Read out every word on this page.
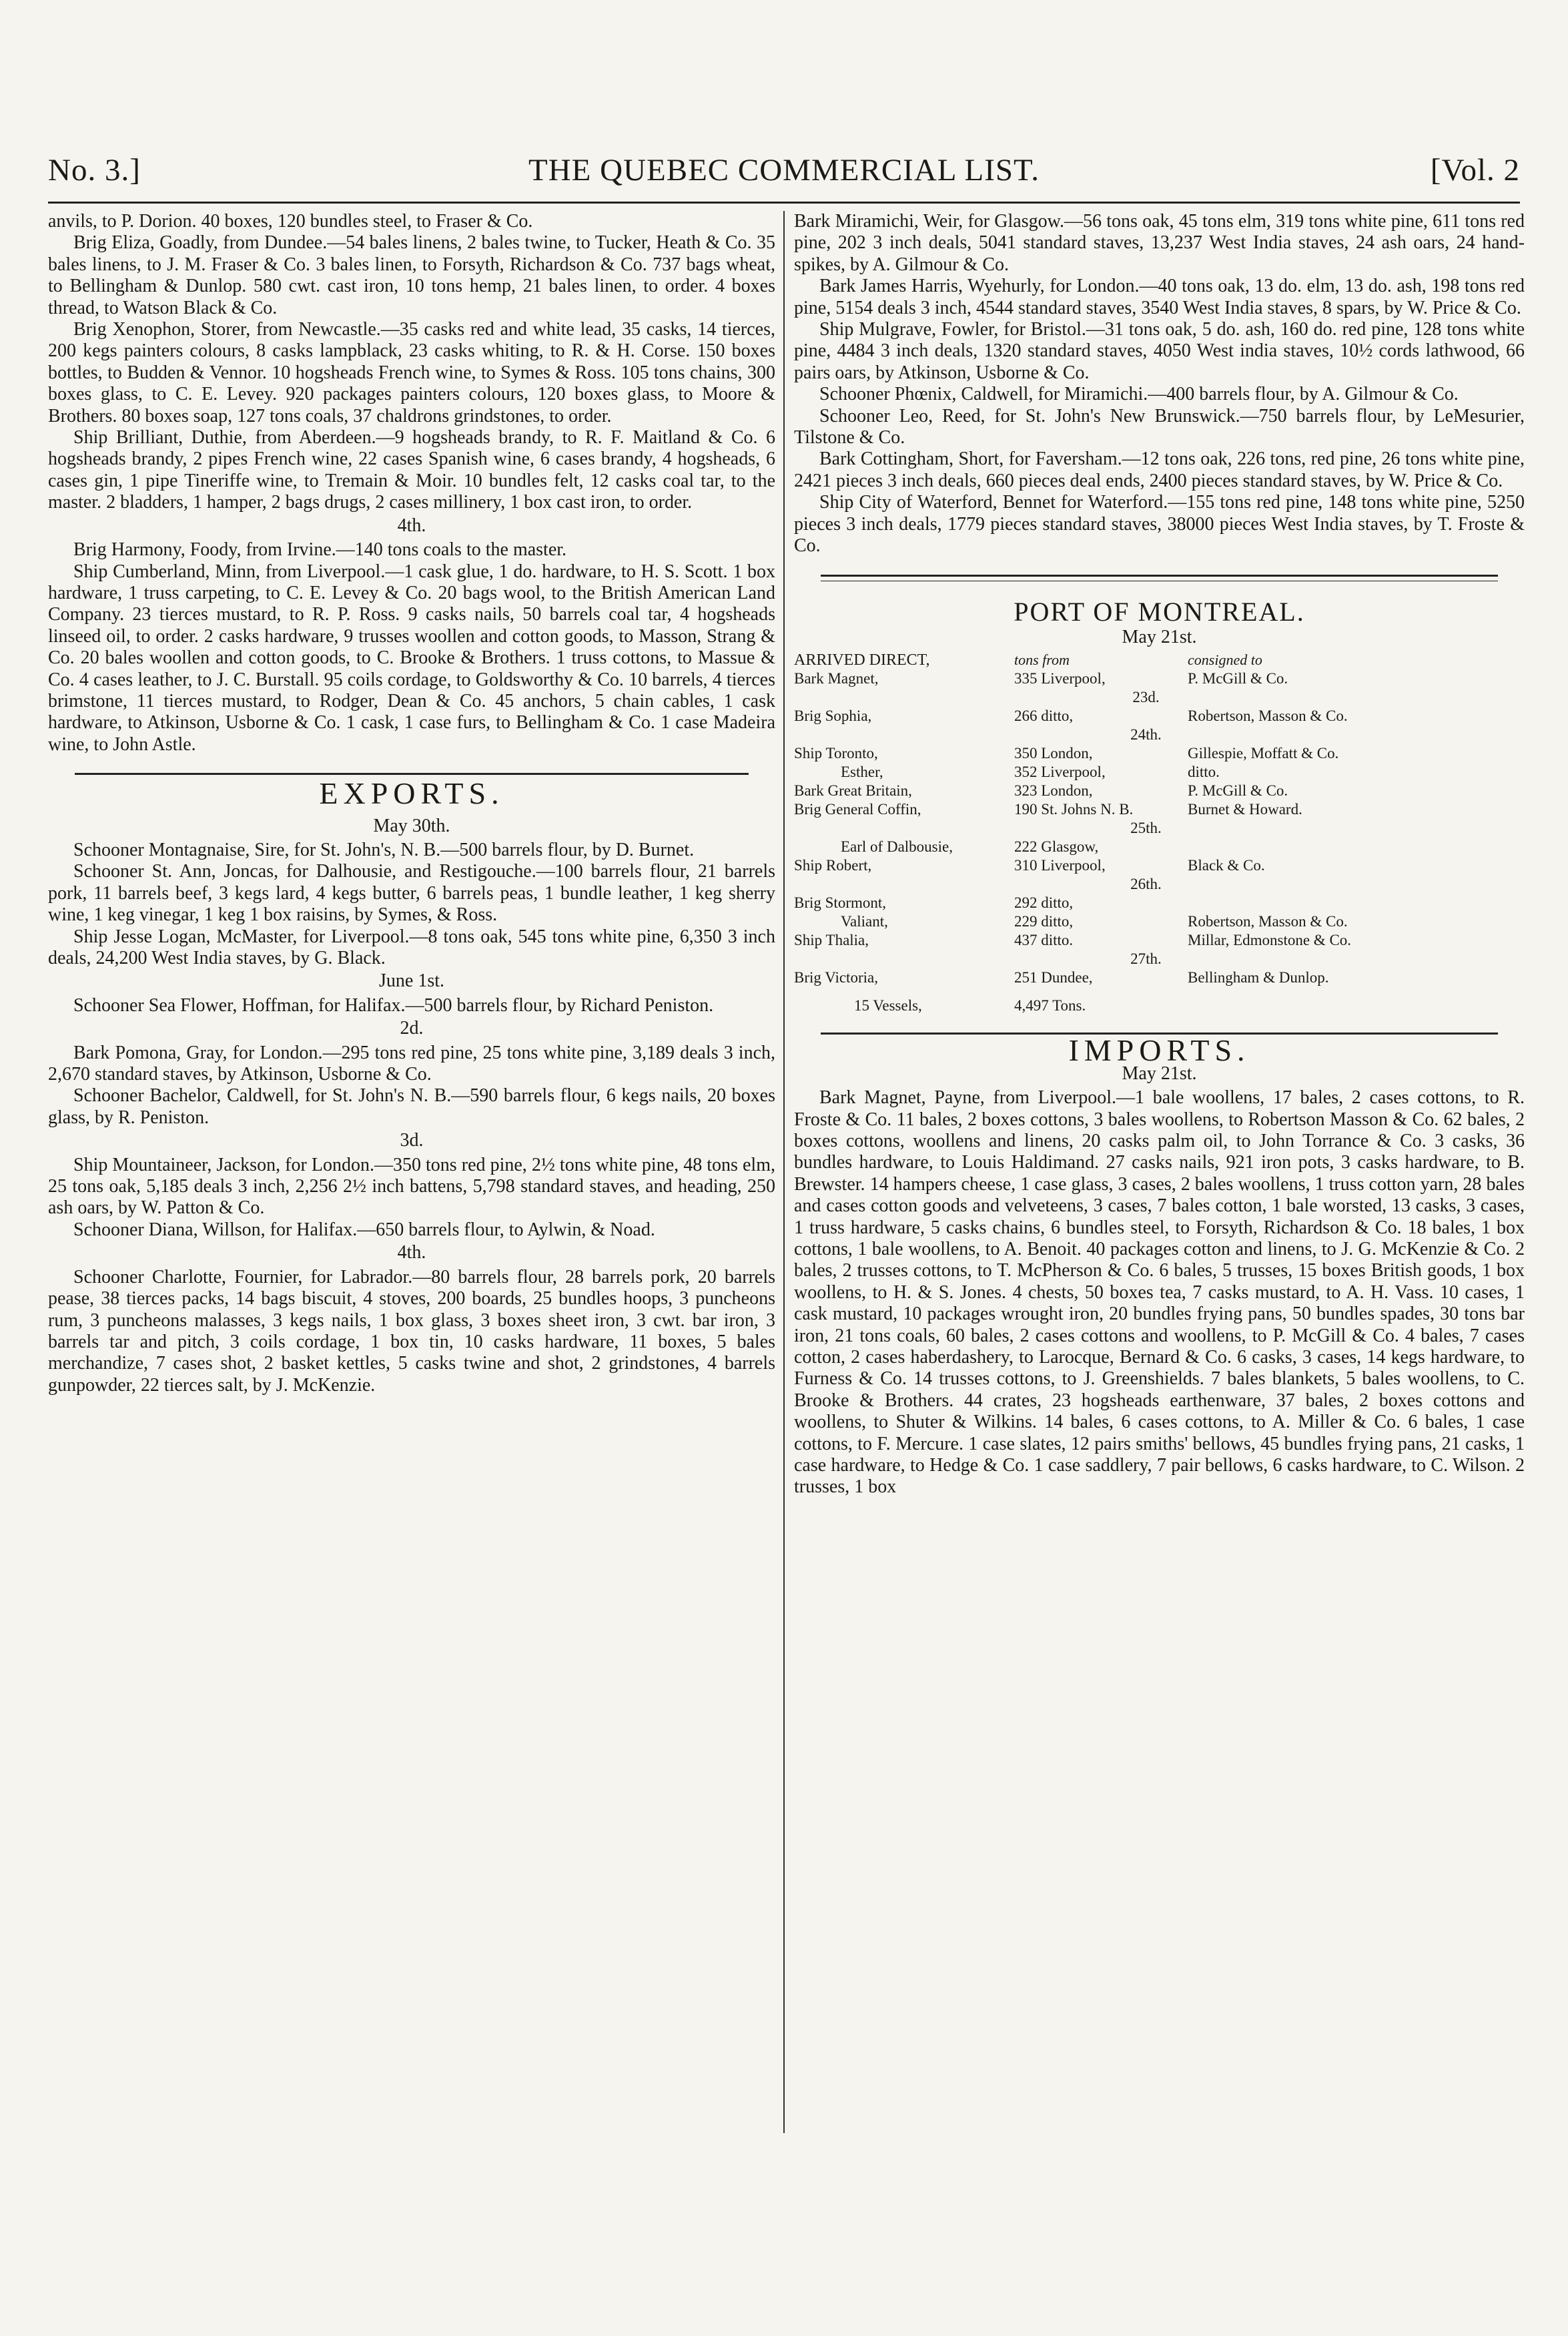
No. 3.]	THE QUEBEC COMMERCIAL LIST.	[Vol. 2

anvils, to P. Dorion. 40 boxes, 120 bundles steel, to Fraser & Co.

Brig Eliza, Goadly, from Dundee.—54 bales linens, 2 bales twine, to Tucker, Heath & Co. 35 bales linens, to J. M. Fraser & Co. 3 bales linen, to Forsyth, Richardson & Co. 737 bags wheat, to Bellingham & Dunlop. 580 cwt. cast iron, 10 tons hemp, 21 bales linen, to order. 4 boxes thread, to Watson Black & Co.

Brig Xenophon, Storer, from Newcastle.—35 casks red and white lead, 35 casks, 14 tierces, 200 kegs painters colours, 8 casks lampblack, 23 casks whiting, to R. & H. Corse. 150 boxes bottles, to Budden & Vennor. 10 hogsheads French wine, to Symes & Ross. 105 tons chains, 300 boxes glass, to C. E. Levey. 920 packages painters colours, 120 boxes glass, to Moore & Brothers. 80 boxes soap, 127 tons coals, 37 chaldrons grindstones, to order.

Ship Brilliant, Duthie, from Aberdeen.—9 hogsheads brandy, to R. F. Maitland & Co. 6 hogsheads brandy, 2 pipes French wine, 22 cases Spanish wine, 6 cases brandy, 4 hogsheads, 6 cases gin, 1 pipe Tineriffe wine, to Tremain & Moir. 10 bundles felt, 12 casks coal tar, to the master. 2 bladders, 1 hamper, 2 bags drugs, 2 cases millinery, 1 box cast iron, to order.

4th.

Brig Harmony, Foody, from Irvine.—140 tons coals to the master.

Ship Cumberland, Minn, from Liverpool.—1 cask glue, 1 do. hardware, to H. S. Scott. 1 box hardware, 1 truss carpeting, to C. E. Levey & Co. 20 bags wool, to the British American Land Company. 23 tierces mustard, to R. P. Ross. 9 casks nails, 50 barrels coal tar, 4 hogsheads linseed oil, to order. 2 casks hardware, 9 trusses woollen and cotton goods, to Masson, Strang & Co. 20 bales woollen and cotton goods, to C. Brooke & Brothers. 1 truss cottons, to Massue & Co. 4 cases leather, to J. C. Burstall. 95 coils cordage, to Goldsworthy & Co. 10 barrels, 4 tierces brimstone, 11 tierces mustard, to Rodger, Dean & Co. 45 anchors, 5 chain cables, 1 cask hardware, to Atkinson, Usborne & Co. 1 cask, 1 case furs, to Bellingham & Co. 1 case Madeira wine, to John Astle.

EXPORTS.
May 30th.

Schooner Montagnaise, Sire, for St. John's, N. B.—500 barrels flour, by D. Burnet.

Schooner St. Ann, Joncas, for Dalhousie, and Restigouche.—100 barrels flour, 21 barrels pork, 11 barrels beef, 3 kegs lard, 4 kegs butter, 6 barrels peas, 1 bundle leather, 1 keg sherry wine, 1 keg vinegar, 1 keg 1 box raisins, by Symes, & Ross.

Ship Jesse Logan, McMaster, for Liverpool.—8 tons oak, 545 tons white pine, 6,350 3 inch deals, 24,200 West India staves, by G. Black.

June 1st.

Schooner Sea Flower, Hoffman, for Halifax.—500 barrels flour, by Richard Peniston.

2d.

Bark Pomona, Gray, for London.—295 tons red pine, 25 tons white pine, 3,189 deals 3 inch, 2,670 standard staves, by Atkinson, Usborne & Co.

Schooner Bachelor, Caldwell, for St. John's N. B.—590 barrels flour, 6 kegs nails, 20 boxes glass, by R. Peniston.

3d.

Ship Mountaineer, Jackson, for London.—350 tons red pine, 2½ tons white pine, 48 tons elm, 25 tons oak, 5,185 deals 3 inch, 2,256 2½ inch battens, 5,798 standard staves, and heading, 250 ash oars, by W. Patton & Co.

Schooner Diana, Willson, for Halifax.—650 barrels flour, to Aylwin, & Noad.

4th.

Schooner Charlotte, Fournier, for Labrador.—80 barrels flour, 28 barrels pork, 20 barrels pease, 38 tierces packs, 14 bags biscuit, 4 stoves, 200 boards, 25 bundles hoops, 3 puncheons rum, 3 puncheons malasses, 3 kegs nails, 1 box glass, 3 boxes sheet iron, 3 cwt. bar iron, 3 barrels tar and pitch, 3 coils cordage, 1 box tin, 10 casks hardware, 11 boxes, 5 bales merchandize, 7 cases shot, 2 basket kettles, 5 casks twine and shot, 2 grindstones, 4 barrels gunpowder, 22 tierces salt, by J. McKenzie.

Bark Miramichi, Weir, for Glasgow.—56 tons oak, 45 tons elm, 319 tons white pine, 611 tons red pine, 202 3 inch deals, 5041 standard staves, 13,237 West India staves, 24 ash oars, 24 hand-spikes, by A. Gilmour & Co.

Bark James Harris, Wyehurly, for London.—40 tons oak, 13 do. elm, 13 do. ash, 198 tons red pine, 5154 deals 3 inch, 4544 standard staves, 3540 West India staves, 8 spars, by W. Price & Co.

Ship Mulgrave, Fowler, for Bristol.—31 tons oak, 5 do. ash, 160 do. red pine, 128 tons white pine, 4484 3 inch deals, 1320 standard staves, 4050 West india staves, 10½ cords lathwood, 66 pairs oars, by Atkinson, Usborne & Co.

Schooner Phœnix, Caldwell, for Miramichi.—400 barrels flour, by A. Gilmour & Co.

Schooner Leo, Reed, for St. John's New Brunswick.—750 barrels flour, by LeMesurier, Tilstone & Co.

Bark Cottingham, Short, for Faversham.—12 tons oak, 226 tons, red pine, 26 tons white pine, 2421 pieces 3 inch deals, 660 pieces deal ends, 2400 pieces standard staves, by W. Price & Co.

Ship City of Waterford, Bennet for Waterford.—155 tons red pine, 148 tons white pine, 5250 pieces 3 inch deals, 1779 pieces standard staves, 38000 pieces West India staves, by T. Froste & Co.

PORT OF MONTREAL.
May 21st.
ARRIVED DIRECT,	tons from	consigned to
Bark Magnet,	335 Liverpool,	P. McGill & Co.
23d.
Brig Sophia,	266 ditto,	Robertson, Masson & Co.
24th.
Ship Toronto,	350 London,	Gillespie, Moffatt & Co.
Esther,	352 Liverpool,	ditto.
Bark Great Britain,	323 London,	P. McGill & Co.
Brig General Coffin,	190 St. Johns N. B.	Burnet & Howard.
25th.
Earl of Dalbousie,	222 Glasgow,
Ship Robert,	310 Liverpool,	Black & Co.
26th.
Brig Stormont,	292 ditto,
Valiant,	229 ditto,	Robertson, Masson & Co.
Ship Thalia,	437 ditto.	Millar, Edmonstone & Co.
27th.
Brig Victoria,	251 Dundee,	Bellingham & Dunlop.
15 Vessels,	4,497 Tons.
IMPORTS.
May 21st.

Bark Magnet, Payne, from Liverpool.—1 bale woollens, 17 bales, 2 cases cottons, to R. Froste & Co. 11 bales, 2 boxes cottons, 3 bales woollens, to Robertson Masson & Co. 62 bales, 2 boxes cottons, woollens and linens, 20 casks palm oil, to John Torrance & Co. 3 casks, 36 bundles hardware, to Louis Haldimand. 27 casks nails, 921 iron pots, 3 casks hardware, to B. Brewster. 14 hampers cheese, 1 case glass, 3 cases, 2 bales woollens, 1 truss cotton yarn, 28 bales and cases cotton goods and velveteens, 3 cases, 7 bales cotton, 1 bale worsted, 13 casks, 3 cases, 1 truss hardware, 5 casks chains, 6 bundles steel, to Forsyth, Richardson & Co. 18 bales, 1 box cottons, 1 bale woollens, to A. Benoit. 40 packages cotton and linens, to J. G. McKenzie & Co. 2 bales, 2 trusses cottons, to T. McPherson & Co. 6 bales, 5 trusses, 15 boxes British goods, 1 box woollens, to H. & S. Jones. 4 chests, 50 boxes tea, 7 casks mustard, to A. H. Vass. 10 cases, 1 cask mustard, 10 packages wrought iron, 20 bundles frying pans, 50 bundles spades, 30 tons bar iron, 21 tons coals, 60 bales, 2 cases cottons and woollens, to P. McGill & Co. 4 bales, 7 cases cotton, 2 cases haberdashery, to Larocque, Bernard & Co. 6 casks, 3 cases, 14 kegs hardware, to Furness & Co. 14 trusses cottons, to J. Greenshields. 7 bales blankets, 5 bales woollens, to C. Brooke & Brothers. 44 crates, 23 hogsheads earthenware, 37 bales, 2 boxes cottons and woollens, to Shuter & Wilkins. 14 bales, 6 cases cottons, to A. Miller & Co. 6 bales, 1 case cottons, to F. Mercure. 1 case slates, 12 pairs smiths' bellows, 45 bundles frying pans, 21 casks, 1 case hardware, to Hedge & Co. 1 case saddlery, 7 pair bellows, 6 casks hardware, to C. Wilson. 2 trusses, 1 box
